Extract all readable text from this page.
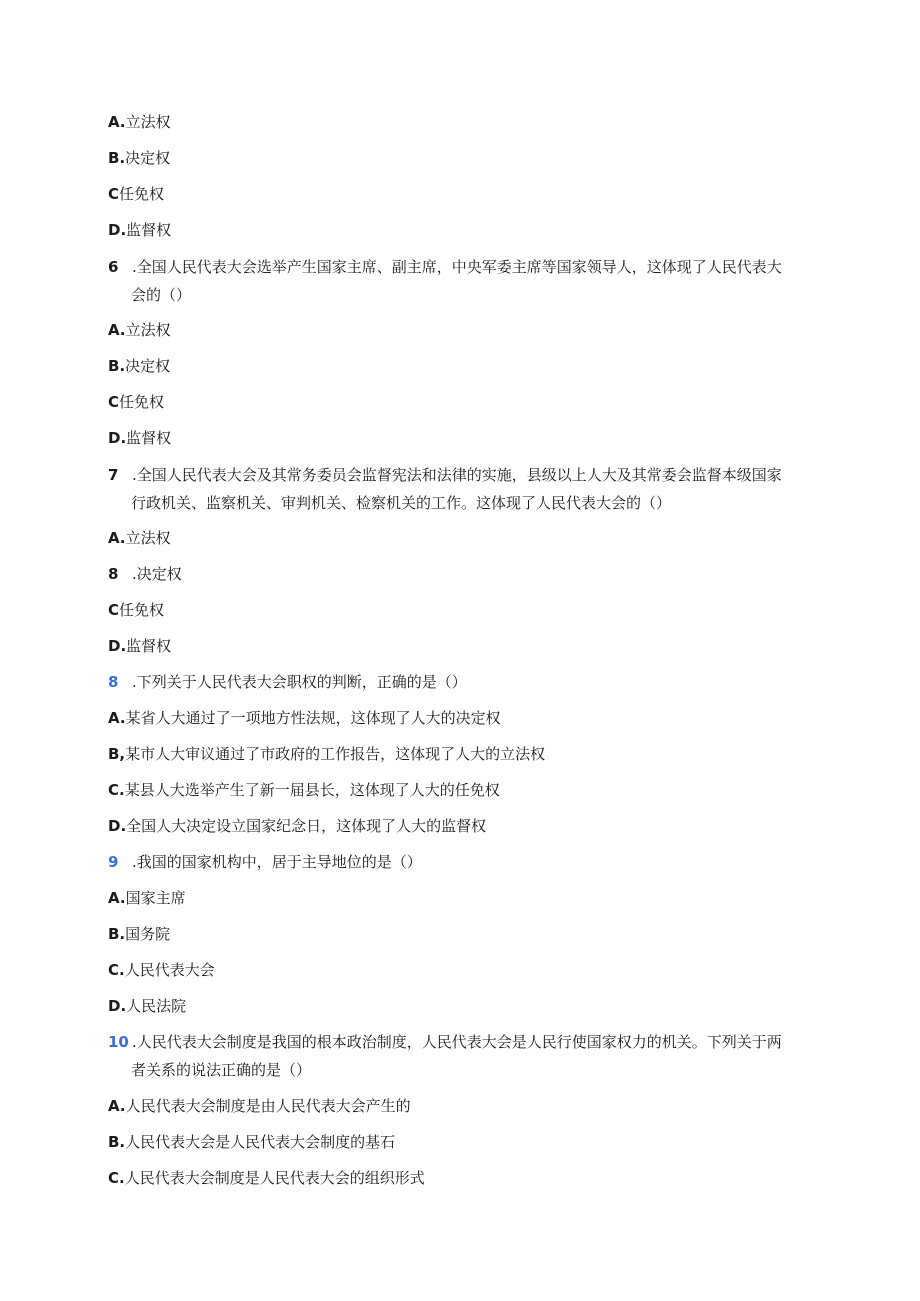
A.立法权
B.决定权
C任免权
D.监督权
6 .全国人民代表大会选举产生国家主席、副主席，中央军委主席等国家领导人，这体现了人民代表大
会的（）
A.立法权
B.决定权
C任免权
D.监督权
7 .全国人民代表大会及其常务委员会监督宪法和法律的实施，县级以上人大及其常委会监督本级国家
行政机关、监察机关、审判机关、检察机关的工作。这体现了人民代表大会的（）
A.立法权
8 .决定权
C任免权
D.监督权
8 .下列关于人民代表大会职权的判断，正确的是（）
A.某省人大通过了一项地方性法规，这体现了人大的决定权
B,某市人大审议通过了市政府的工作报告，这体现了人大的立法权
C.某县人大选举产生了新一届县长，这体现了人大的任免权
D.全国人大决定设立国家纪念日，这体现了人大的监督权
9 .我国的国家机构中，居于主导地位的是（）
A.国家主席
B.国务院
C.人民代表大会
D.人民法院
10 .人民代表大会制度是我国的根本政治制度，人民代表大会是人民行使国家权力的机关。下列关于两
者关系的说法正确的是（）
A.人民代表大会制度是由人民代表大会产生的
B.人民代表大会是人民代表大会制度的基石
C.人民代表大会制度是人民代表大会的组织形式
